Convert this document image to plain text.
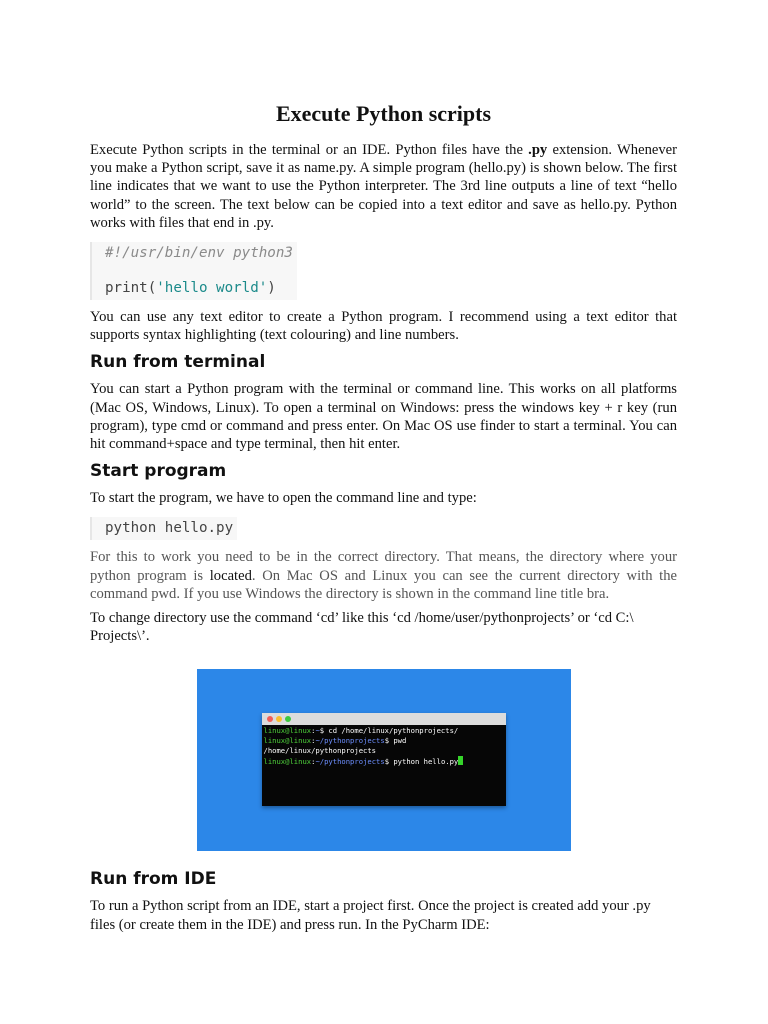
Execute Python scripts

Execute Python scripts in the terminal or an IDE. Python files have the .py extension. Whenever you make a Python script, save it as name.py. A simple program (hello.py) is shown below. The first line indicates that we want to use the Python interpreter. The 3rd line outputs a line of text “hello world” to the screen. The text below can be copied into a text editor and save as hello.py. Python works with files that end in .py.

#!/usr/bin/env python3
print('hello world')

You can use any text editor to create a Python program. I recommend using a text editor that supports syntax highlighting (text colouring) and line numbers.

Run from terminal

You can start a Python program with the terminal or command line. This works on all platforms (Mac OS, Windows, Linux). To open a terminal on Windows: press the windows key + r key (run program), type cmd or command and press enter. On Mac OS use finder to start a terminal. You can hit command+space and type terminal, then hit enter.

Start program

To start the program, we have to open the command line and type:

python hello.py

For this to work you need to be in the correct directory. That means, the directory where your python program is located. On Mac OS and Linux you can see the current directory with the command pwd. If you use Windows the directory is shown in the command line title bra.

To change directory use the command ‘cd’ like this ‘cd /home/user/pythonprojects’ or ‘cd C:\ Projects\’.

linux@linux:~$ cd /home/linux/pythonprojects/
linux@linux:~/pythonprojects$ pwd
/home/linux/pythonprojects
linux@linux:~/pythonprojects$ python hello.py
Run from IDE

To run a Python script from an IDE, start a project first. Once the project is created add your .py files (or create them in the IDE) and press run. In the PyCharm IDE:
